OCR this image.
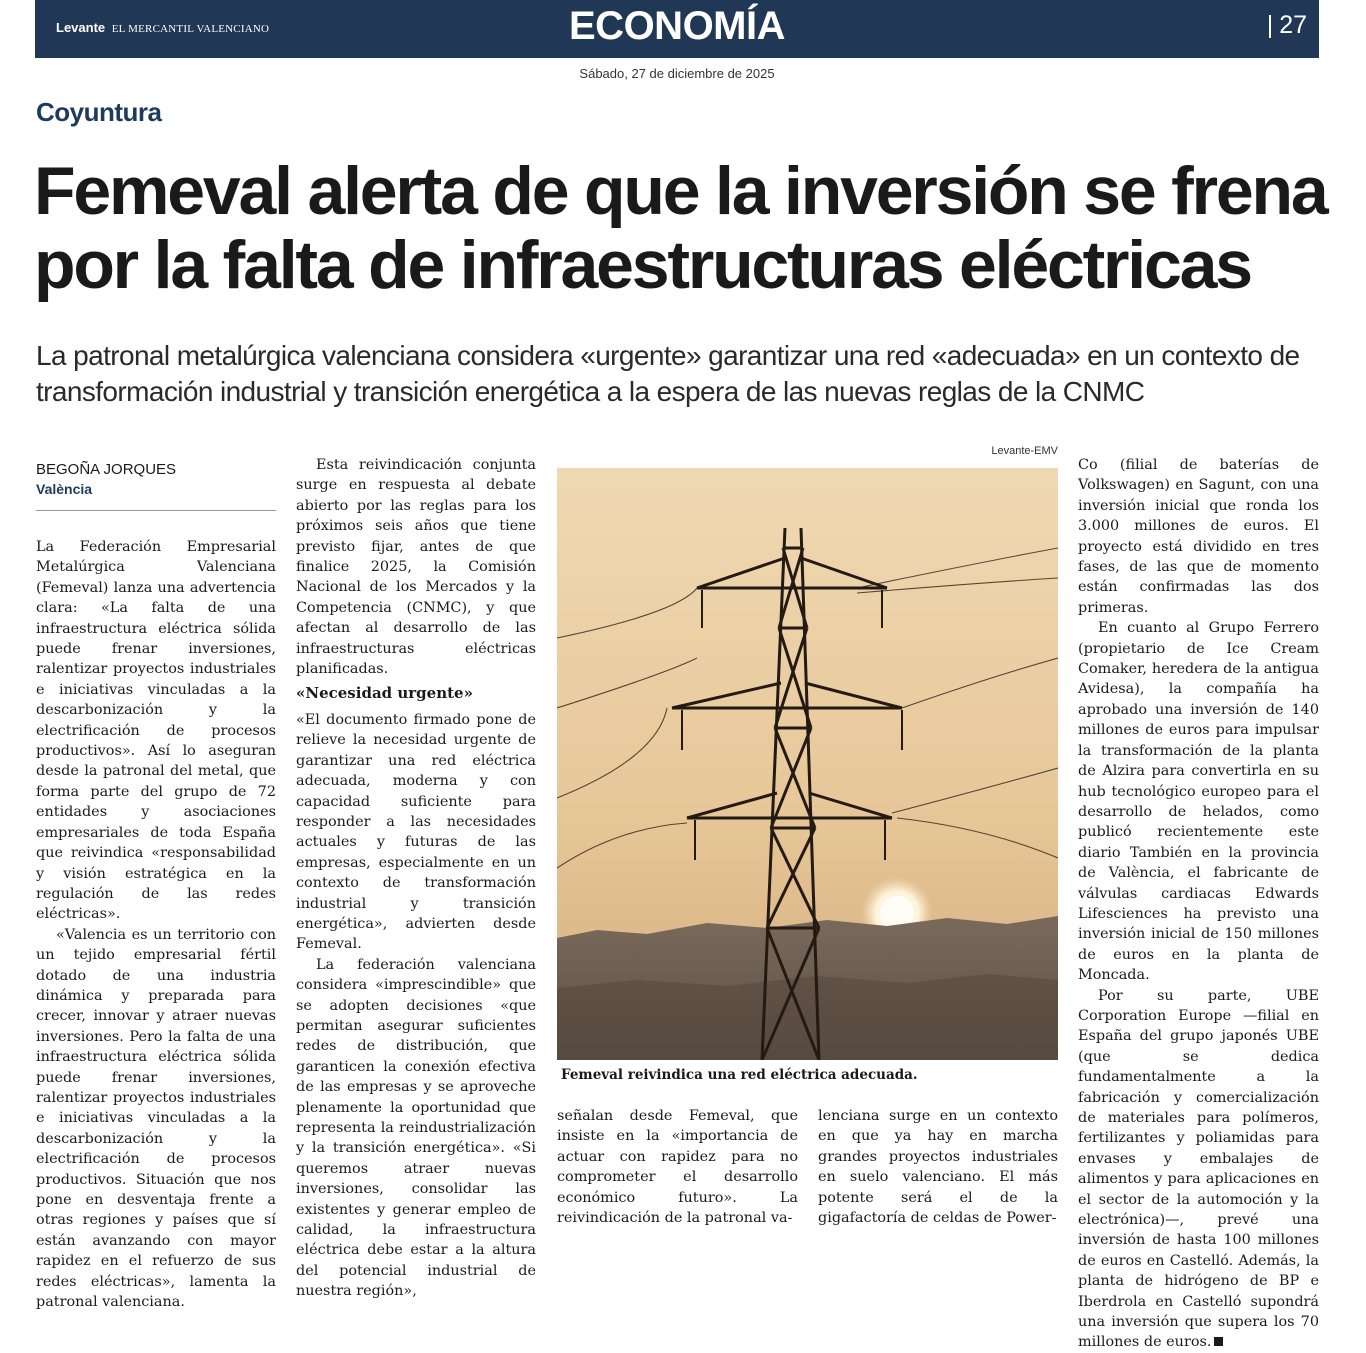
Levante EL MERCANTIL VALENCIANO	ECONOMÍA	| 27
Sábado, 27 de diciembre de 2025
Coyuntura
Femeval alerta de que la inversión se frena por la falta de infraestructuras eléctricas

La patronal metalúrgica valenciana considera «urgente» garantizar una red «adecuada» en un contexto de transformación industrial y transición energética a la espera de las nuevas reglas de la CNMC

BEGOÑA JORQUES
València

La Federación Empresarial Metalúrgica Valenciana (Femeval) lanza una advertencia clara: «La falta de una infraestructura eléctrica sólida puede frenar inversiones, ralentizar proyectos industriales e iniciativas vinculadas a la descarbonización y la electrificación de procesos productivos». Así lo aseguran desde la patronal del metal, que forma parte del grupo de 72 entidades y asociaciones empresariales de toda España que reivindica «responsabilidad y visión estratégica en la regulación de las redes eléctricas».

«Valencia es un territorio con un tejido empresarial fértil dotado de una industria dinámica y preparada para crecer, innovar y atraer nuevas inversiones. Pero la falta de una infraestructura eléctrica sólida puede frenar inversiones, ralentizar proyectos industriales e iniciativas vinculadas a la descarbonización y la electrificación de procesos productivos. Situación que nos pone en desventaja frente a otras regiones y países que sí están avanzando con mayor rapidez en el refuerzo de sus redes eléctricas», lamenta la patronal valenciana.

Esta reivindicación conjunta surge en respuesta al debate abierto por las reglas para los próximos seis años que tiene previsto fijar, antes de que finalice 2025, la Comisión Nacional de los Mercados y la Competencia (CNMC), y que afectan al desarrollo de las infraestructuras eléctricas planificadas.

«Necesidad urgente»

«El documento firmado pone de relieve la necesidad urgente de garantizar una red eléctrica adecuada, moderna y con capacidad suficiente para responder a las necesidades actuales y futuras de las empresas, especialmente en un contexto de transformación industrial y transición energética», advierten desde Femeval.

La federación valenciana considera «imprescindible» que se adopten decisiones «que permitan asegurar suficientes redes de distribución, que garanticen la conexión efectiva de las empresas y se aproveche plenamente la oportunidad que representa la reindustrialización y la transición energética». «Si queremos atraer nuevas inversiones, consolidar las existentes y generar empleo de calidad, la infraestructura eléctrica debe estar a la altura del potencial industrial de nuestra región»,

Levante-EMV
Femeval reivindica una red eléctrica adecuada.

señalan desde Femeval, que insiste en la «importancia de actuar con rapidez para no comprometer el desarrollo económico futuro». La reivindicación de la patronal va-

lenciana surge en un contexto en que ya hay en marcha grandes proyectos industriales en suelo valenciano. El más potente será el de la gigafactoría de celdas de Power-

Co (filial de baterías de Volkswagen) en Sagunt, con una inversión inicial que ronda los 3.000 millones de euros. El proyecto está dividido en tres fases, de las que de momento están confirmadas las dos primeras.

En cuanto al Grupo Ferrero (propietario de Ice Cream Comaker, heredera de la antigua Avidesa), la compañía ha aprobado una inversión de 140 millones de euros para impulsar la transformación de la planta de Alzira para convertirla en su hub tecnológico europeo para el desarrollo de helados, como publicó recientemente este diario También en la provincia de València, el fabricante de válvulas cardiacas Edwards Lifesciences ha previsto una inversión inicial de 150 millones de euros en la planta de Moncada.

Por su parte, UBE Corporation Europe —filial en España del grupo japonés UBE (que se dedica fundamentalmente a la fabricación y comercialización de materiales para polímeros, fertilizantes y poliamidas para envases y embalajes de alimentos y para aplicaciones en el sector de la automoción y la electrónica)—, prevé una inversión de hasta 100 millones de euros en Castelló. Además, la planta de hidrógeno de BP e Iberdrola en Castelló supondrá una inversión que supera los 70 millones de euros.
